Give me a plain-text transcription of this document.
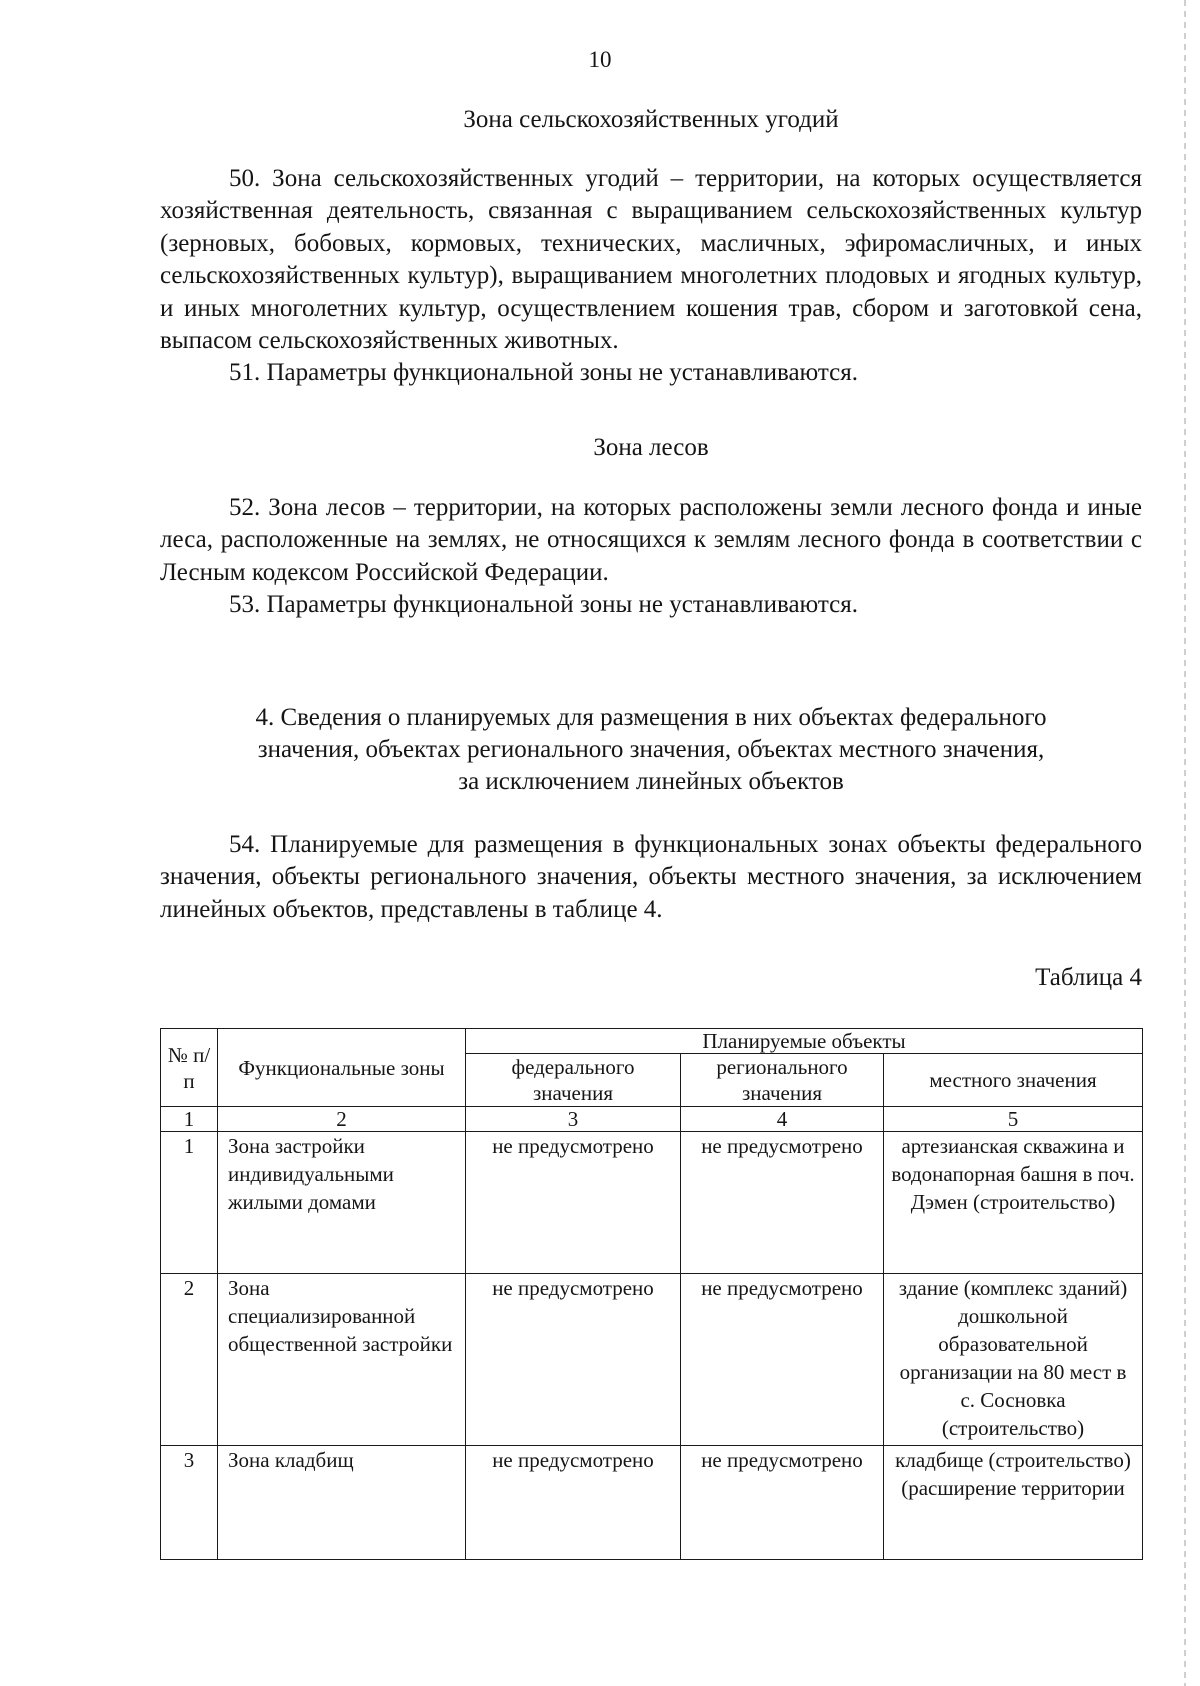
10
Зона сельскохозяйственных угодий

50. Зона сельскохозяйственных угодий – территории, на которых осуществляется хозяйственная деятельность, связанная с выращиванием сельскохозяйственных культур (зерновых, бобовых, кормовых, технических, масличных, эфиромасличных, и иных сельскохозяйственных культур), выращиванием многолетних плодовых и ягодных культур, и иных многолетних культур, осуществлением кошения трав, сбором и заготовкой сена, выпасом сельскохозяйственных животных.

51. Параметры функциональной зоны не устанавливаются.

Зона лесов

52. Зона лесов – территории, на которых расположены земли лесного фонда и иные леса, расположенные на землях, не относящихся к землям лесного фонда в соответствии с Лесным кодексом Российской Федерации.

53. Параметры функциональной зоны не устанавливаются.

4. Сведения о планируемых для размещения в них объектах федерального
значения, объектах регионального значения, объектах местного значения,
за исключением линейных объектов

54. Планируемые для размещения в функциональных зонах объекты федерального значения, объекты регионального значения, объекты местного значения, за исключением линейных объектов, представлены в таблице 4.

Таблица 4
№ п/п	Функциональные зоны	Планируемые объекты		
		федерального значения	регионального значения	местного значения
1	2	3	4	5
1	Зона застройки индивидуальными жилыми домами	не предусмотрено	не предусмотрено	артезианская скважина и водонапорная башня в поч. Дэмен (строительство)
2	Зона специализированной общественной застройки	не предусмотрено	не предусмотрено	здание (комплекс зданий) дошкольной образовательной организации на 80 мест в с. Сосновка (строительство)
3	Зона кладбищ	не предусмотрено	не предусмотрено	кладбище (строительство) (расширение территории
